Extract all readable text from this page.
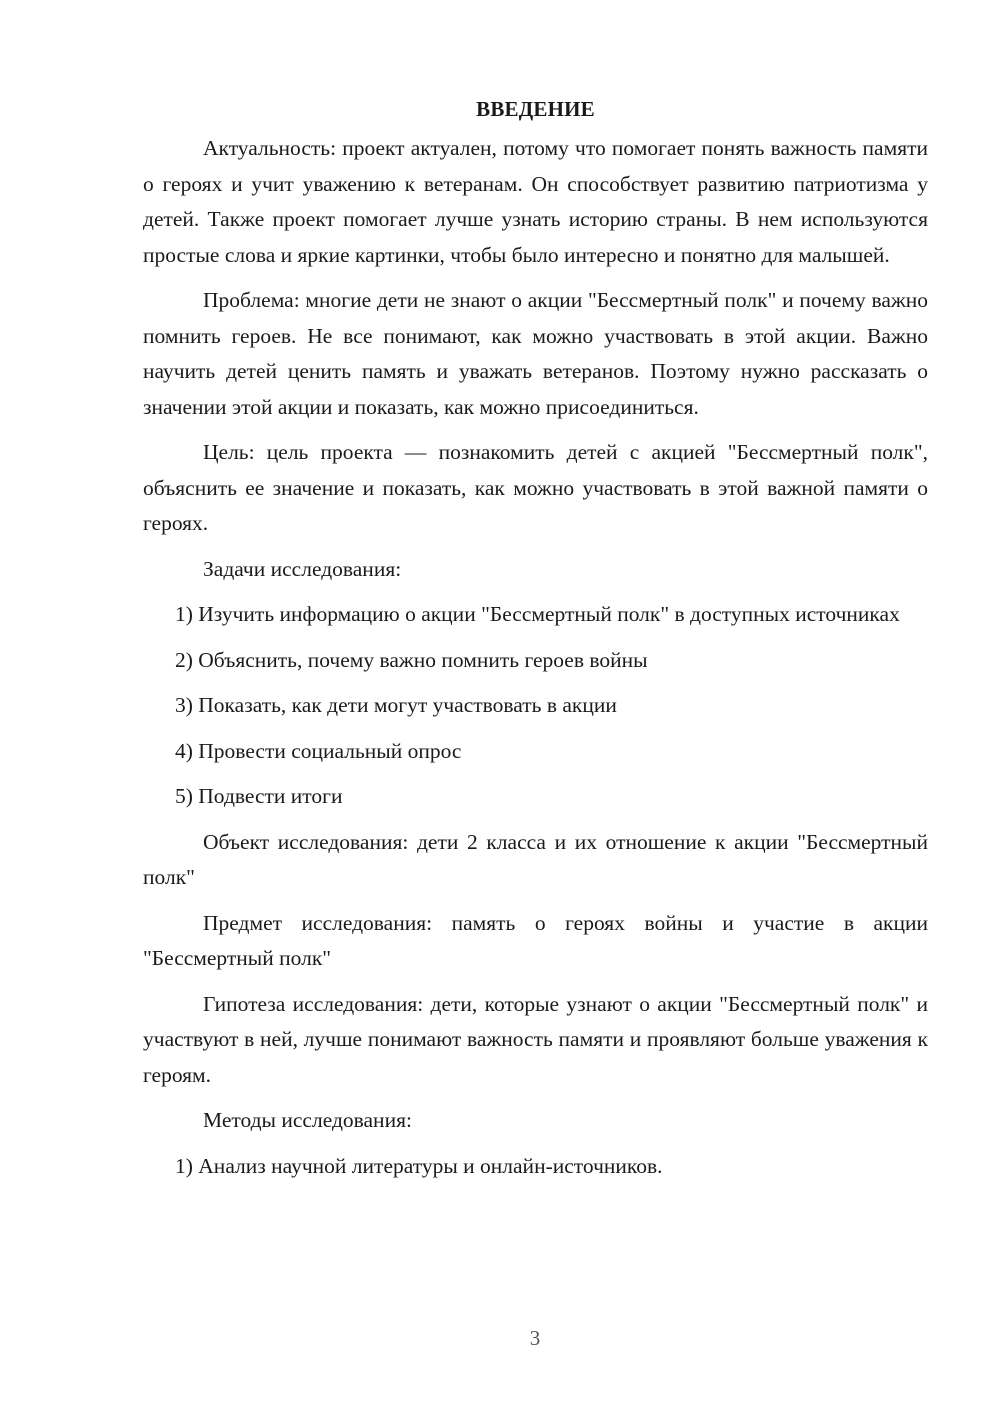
ВВЕДЕНИЕ

Актуальность: проект актуален, потому что помогает понять важность памяти о героях и учит уважению к ветеранам. Он способствует развитию патриотизма у детей. Также проект помогает лучше узнать историю страны. В нем используются простые слова и яркие картинки, чтобы было интересно и понятно для малышей.

Проблема: многие дети не знают о акции "Бессмертный полк" и почему важно помнить героев. Не все понимают, как можно участвовать в этой акции. Важно научить детей ценить память и уважать ветеранов. Поэтому нужно рассказать о значении этой акции и показать, как можно присоединиться.

Цель: цель проекта — познакомить детей с акцией "Бессмертный полк", объяснить ее значение и показать, как можно участвовать в этой важной памяти о героях.

Задачи исследования:

1) Изучить информацию о акции "Бессмертный полк" в доступных источниках

2) Объяснить, почему важно помнить героев войны

3) Показать, как дети могут участвовать в акции

4) Провести социальный опрос

5) Подвести итоги

Объект исследования: дети 2 класса и их отношение к акции "Бессмертный полк"

Предмет исследования: память о героях войны и участие в акции "Бессмертный полк"

Гипотеза исследования: дети, которые узнают о акции "Бессмертный полк" и участвуют в ней, лучше понимают важность памяти и проявляют больше уважения к героям.

Методы исследования:

1) Анализ научной литературы и онлайн-источников.

3
